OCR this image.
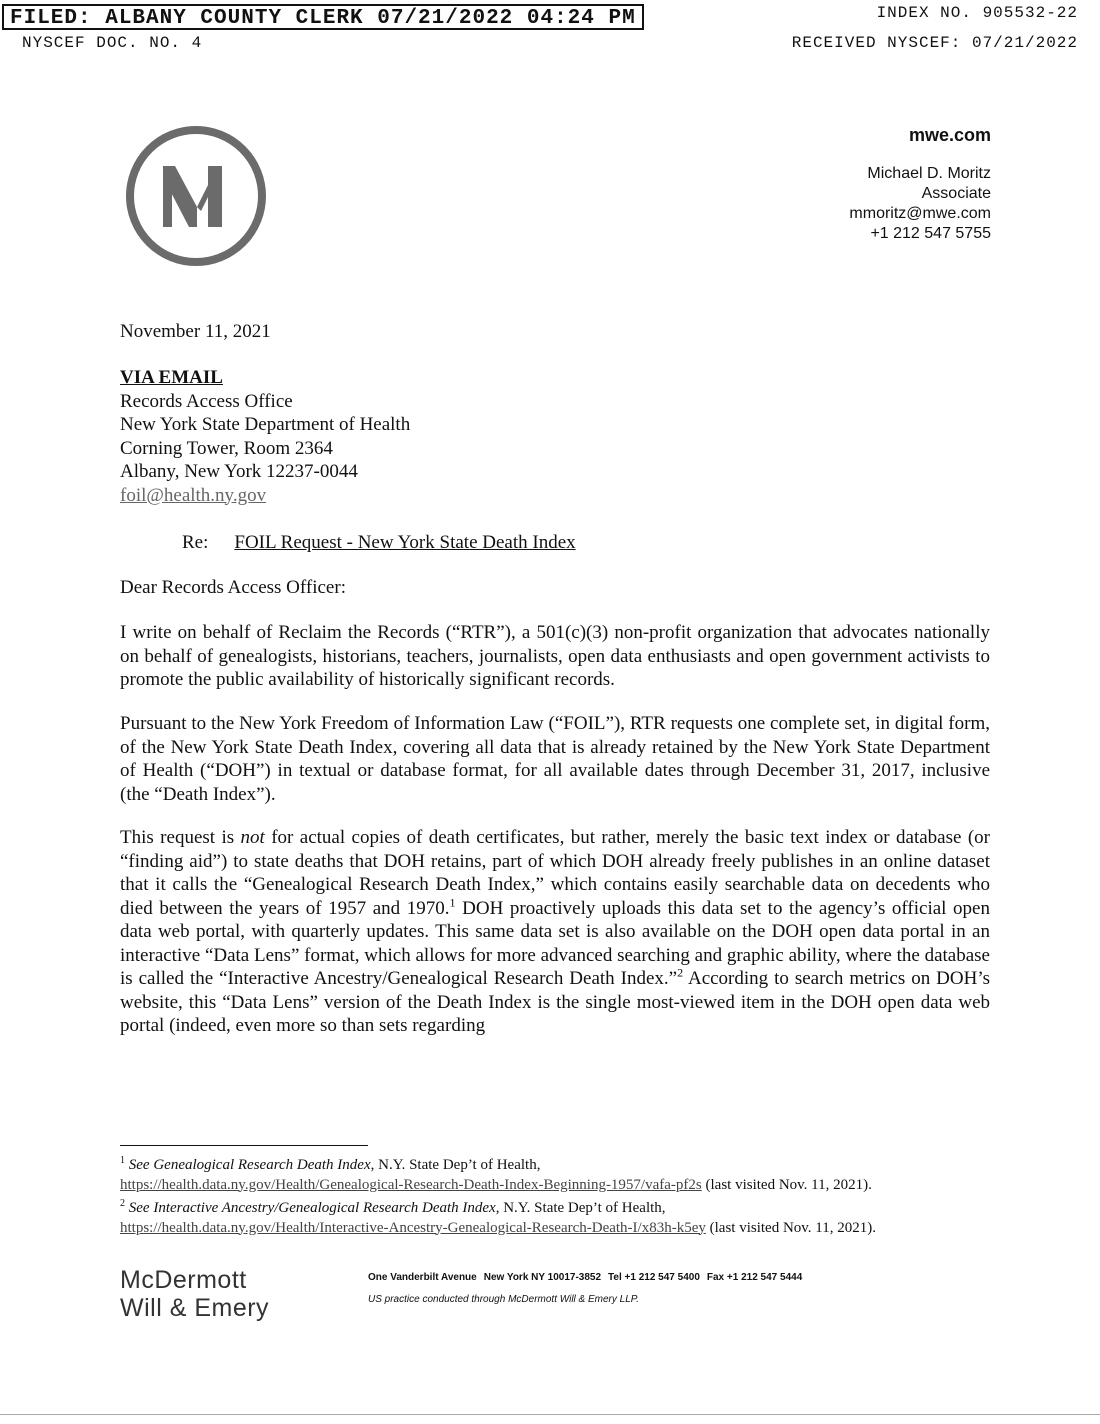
FILED: ALBANY COUNTY CLERK 07/21/2022 04:24 PM	INDEX NO. 905532-22
NYSCEF DOC. NO. 4	RECEIVED NYSCEF: 07/21/2022
mwe.com
Michael D. Moritz
Associate
mmoritz@mwe.com
+1 212 547 5755
November 11, 2021
VIA EMAIL
Records Access Office
New York State Department of Health
Corning Tower, Room 2364
Albany, New York 12237-0044
foil@health.ny.gov
Re: FOIL Request - New York State Death Index
Dear Records Access Officer:
I write on behalf of Reclaim the Records (“RTR”), a 501(c)(3) non-profit organization that advocates nationally on behalf of genealogists, historians, teachers, journalists, open data enthusiasts and open government activists to promote the public availability of historically significant records.
Pursuant to the New York Freedom of Information Law (“FOIL”), RTR requests one complete set, in digital form, of the New York State Death Index, covering all data that is already retained by the New York State Department of Health (“DOH”) in textual or database format, for all available dates through December 31, 2017, inclusive (the “Death Index”).
This request is not for actual copies of death certificates, but rather, merely the basic text index or database (or “finding aid”) to state deaths that DOH retains, part of which DOH already freely publishes in an online dataset that it calls the “Genealogical Research Death Index,” which contains easily searchable data on decedents who died between the years of 1957 and 1970.$^1$ DOH proactively uploads this data set to the agency’s official open data web portal, with quarterly updates. This same data set is also available on the DOH open data portal in an interactive “Data Lens” format, which allows for more advanced searching and graphic ability, where the database is called the “Interactive Ancestry/Genealogical Research Death Index.”$^2$ According to search metrics on DOH’s website, this “Data Lens” version of the Death Index is the single most-viewed item in the DOH open data web portal (indeed, even more so than sets regarding
$^1$ See Genealogical Research Death Index, N.Y. State Dep’t of Health,
https://health.data.ny.gov/Health/Genealogical-Research-Death-Index-Beginning-1957/vafa-pf2s (last visited Nov. 11, 2021).
$^2$ See Interactive Ancestry/Genealogical Research Death Index, N.Y. State Dep’t of Health,
https://health.data.ny.gov/Health/Interactive-Ancestry-Genealogical-Research-Death-I/x83h-k5ey (last visited Nov. 11, 2021).
McDermott
Will & Emery
One Vanderbilt Avenue New York NY 10017-3852 Tel +1 212 547 5400 Fax +1 212 547 5444
US practice conducted through McDermott Will & Emery LLP.
